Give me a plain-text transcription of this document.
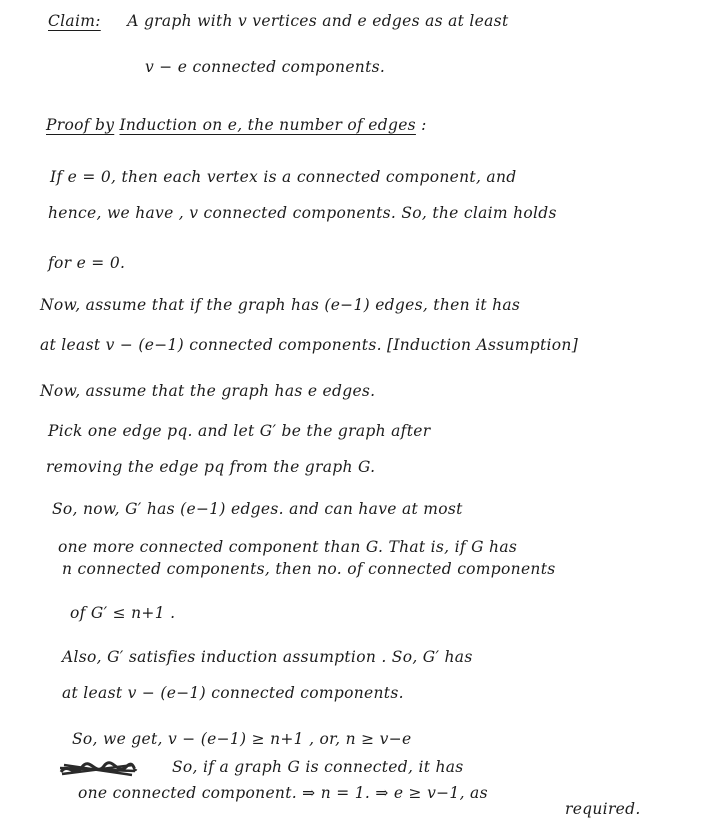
Claim: A graph with v vertices and e edges as at least
v − e connected components.
Proof by Induction on e, the number of edges :
If e = 0, then each vertex is a connected component, and
hence, we have , v connected components. So, the claim holds
for e = 0.
Now, assume that if the graph has (e−1) edges, then it has
at least v − (e−1) connected components. [Induction Assumption]
Now, assume that the graph has e edges.
Pick one edge pq. and let G′ be the graph after
removing the edge pq from the graph G.
So, now, G′ has (e−1) edges. and can have at most
one more connected component than G. That is, if G has
n connected components, then no. of connected components
of G′ ≤ n+1 .
Also, G′ satisfies induction assumption . So, G′ has
at least v − (e−1) connected components.
So, we get, v − (e−1) ≥ n+1 , or, n ≥ v−e
So, if a graph G is connected, it has
one connected component. ⇒ n = 1. ⇒ e ≥ v−1, as
required.
